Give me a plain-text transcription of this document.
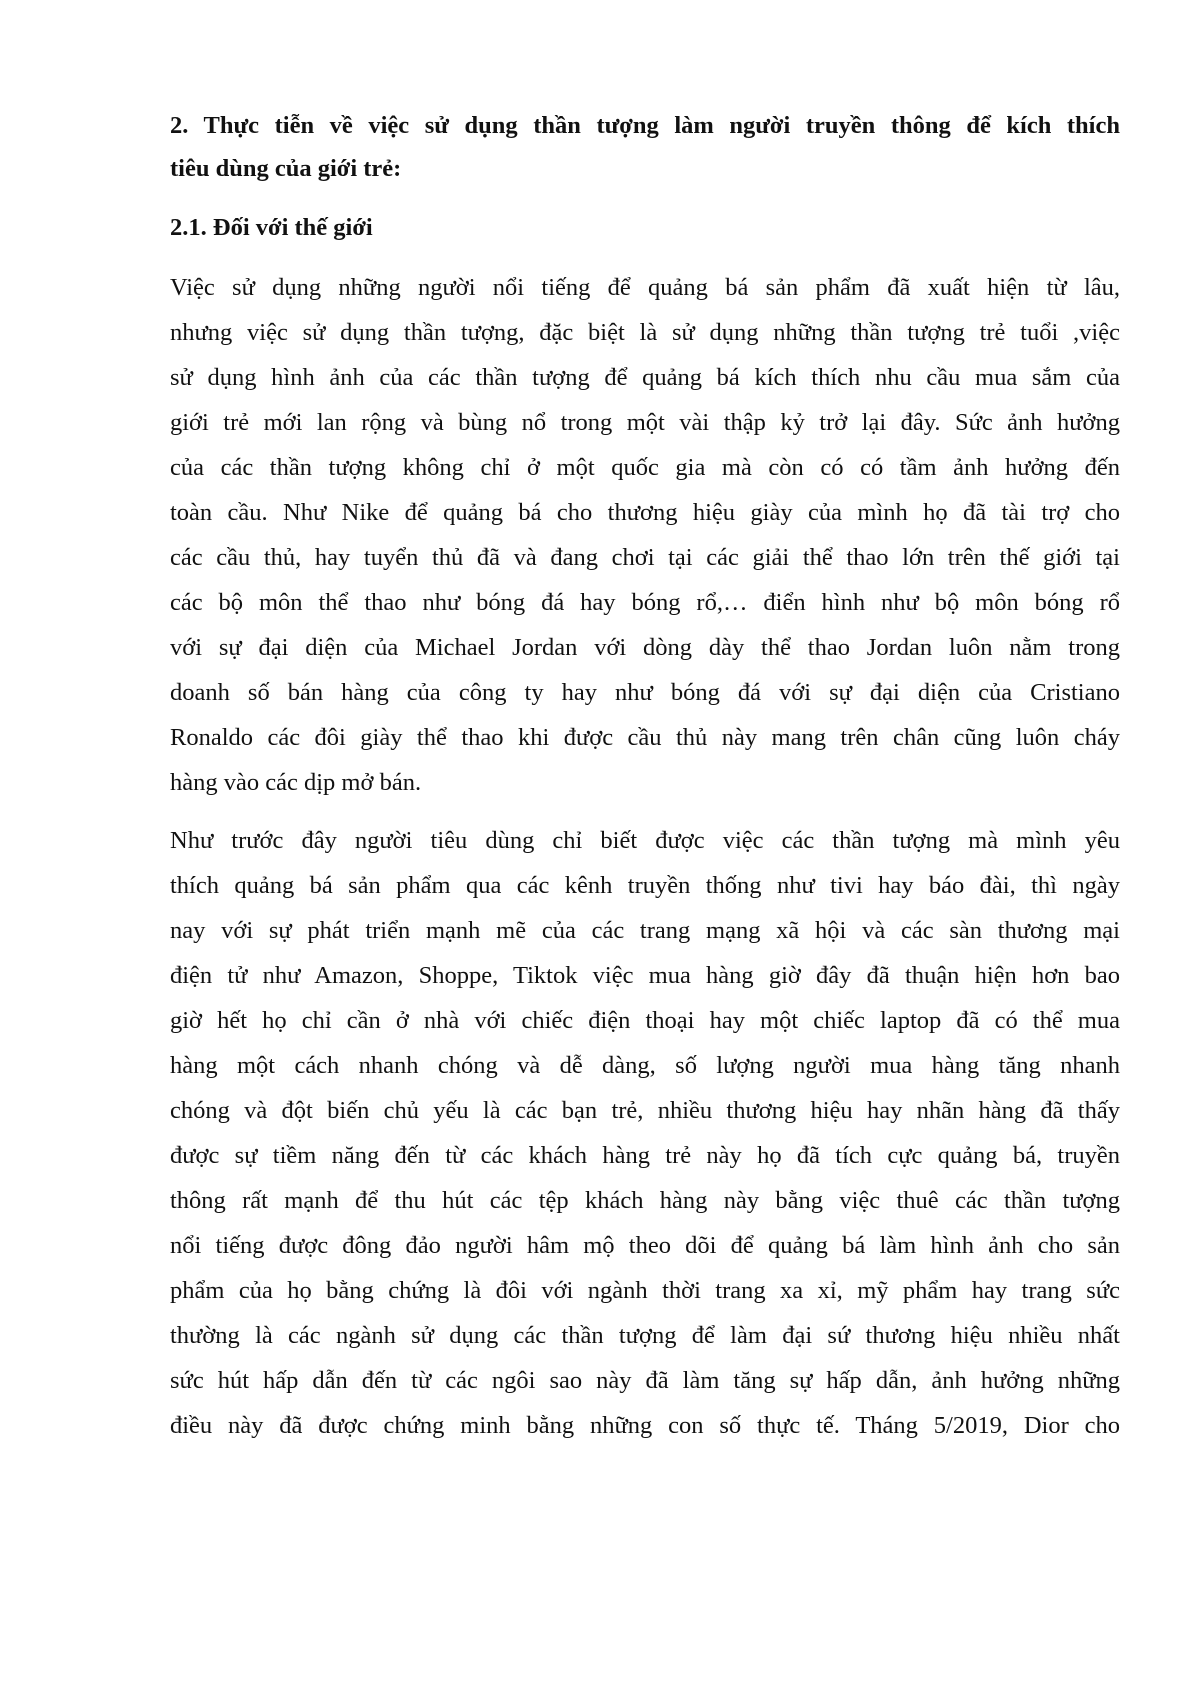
2. Thực tiễn về việc sử dụng thần tượng làm người truyền thông để kích thích
tiêu dùng của giới trẻ:
2.1. Đối với thế giới
Việc sử dụng những người nổi tiếng để quảng bá sản phẩm đã xuất hiện từ lâu,
nhưng việc sử dụng thần tượng, đặc biệt là sử dụng những thần tượng trẻ tuổi ,việc
sử dụng hình ảnh của các thần tượng để quảng bá kích thích nhu cầu mua sắm của
giới trẻ mới lan rộng và bùng nổ trong một vài thập kỷ trở lại đây. Sức ảnh hưởng
của các thần tượng không chỉ ở một quốc gia mà còn có có tầm ảnh hưởng đến
toàn cầu. Như Nike để quảng bá cho thương hiệu giày của mình họ đã tài trợ cho
các cầu thủ, hay tuyển thủ đã và đang chơi tại các giải thể thao lớn trên thế giới tại
các bộ môn thể thao như bóng đá hay bóng rổ,… điển hình như bộ môn bóng rổ
với sự đại diện của Michael Jordan với dòng dày thể thao Jordan luôn nằm trong
doanh số bán hàng của công ty hay như bóng đá với sự đại diện của Cristiano
Ronaldo các đôi giày thể thao khi được cầu thủ này mang trên chân cũng luôn cháy
hàng vào các dịp mở bán.
Như trước đây người tiêu dùng chỉ biết được việc các thần tượng mà mình yêu
thích quảng bá sản phẩm qua các kênh truyền thống như tivi hay báo đài, thì ngày
nay với sự phát triển mạnh mẽ của các trang mạng xã hội và các sàn thương mại
điện tử như Amazon, Shoppe, Tiktok việc mua hàng giờ đây đã thuận hiện hơn bao
giờ hết họ chỉ cần ở nhà với chiếc điện thoại hay một chiếc laptop đã có thể mua
hàng một cách nhanh chóng và dễ dàng, số lượng người mua hàng tăng nhanh
chóng và đột biến chủ yếu là các bạn trẻ, nhiều thương hiệu hay nhãn hàng đã thấy
được sự tiềm năng đến từ các khách hàng trẻ này họ đã tích cực quảng bá, truyền
thông rất mạnh để thu hút các tệp khách hàng này bằng việc thuê các thần tượng
nổi tiếng được đông đảo người hâm mộ theo dõi để quảng bá làm hình ảnh cho sản
phẩm của họ bằng chứng là đôi với ngành thời trang xa xỉ, mỹ phẩm hay trang sức
thường là các ngành sử dụng các thần tượng để làm đại sứ thương hiệu nhiều nhất
sức hút hấp dẫn đến từ các ngôi sao này đã làm tăng sự hấp dẫn, ảnh hưởng những
điều này đã được chứng minh bằng những con số thực tế. Tháng 5/2019, Dior cho
